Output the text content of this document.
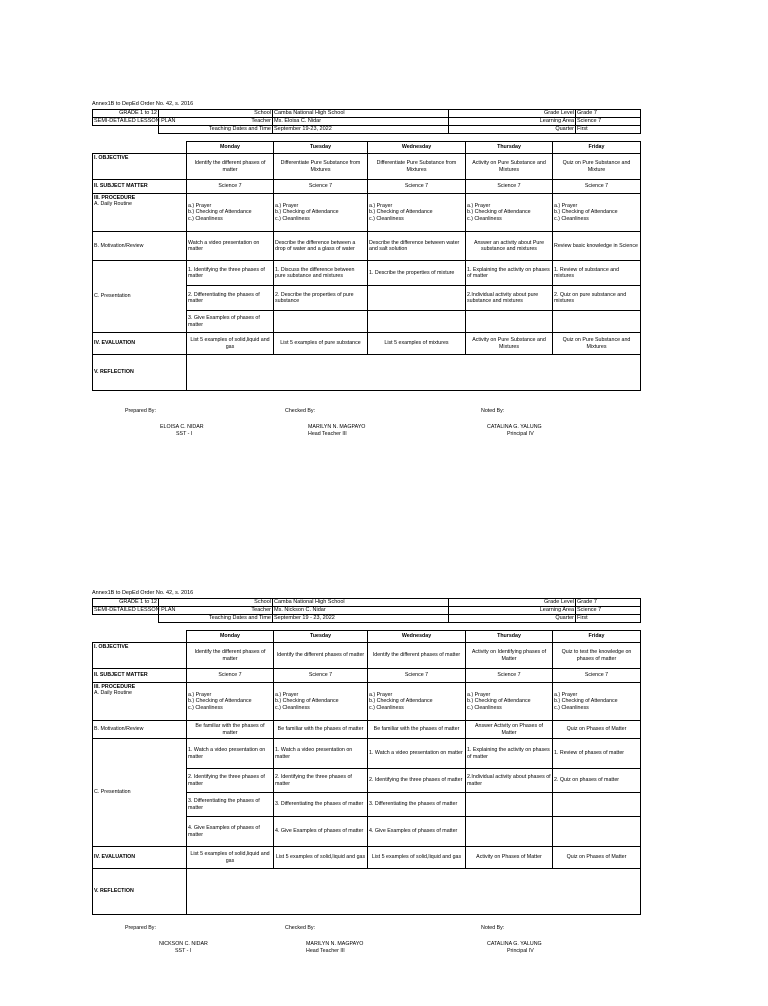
Annex1B to DepEd Order No. 42, s. 2016
GRADE 1 to 12	School	Camba National High School	Grade Level	Grade 7
SEMI-DETAILED LESSON PLAN	Teacher	Ms. Eloisa C. Nidar	Learning Area	Science 7
	Teaching Dates and Time	September 19-23, 2022	Quarter	First
	Monday	Tuesday	Wednesday	Thursday	Friday
I. OBJECTIVE	Identify the different phases of matter	Differentiate Pure Substance from Mixtures	Differentiate Pure Substance from Mixtures	Activity on Pure Substance and Mixtures	Quiz on Pure Substance and Mixture
II. SUBJECT MATTER	Science 7	Science 7	Science 7	Science 7	Science 7

III. PROCEDURE
A. Daily Routine	a.) Prayer
b.) Checking of Attendance
c.) Cleanliness	a.) Prayer
b.) Checking of Attendance
c.) Cleanliness	a.) Prayer
b.) Checking of Attendance
c.) Cleanliness	a.) Prayer
b.) Checking of Attendance
c.) Cleanliness	a.) Prayer
b.) Checking of Attendance
c.) Cleanliness

B. Motivation/Review	Watch a video presentation on matter	Describe the difference between a drop of water and a glass of water	Describe the difference between water and salt solution	Answer an activity about Pure substance and mixtures	Review basic knowledge in Science
C. Presentation	1. Identifying the three phases of matter	1. Discuss the difference between pure substance and mixtures	1. Describe the properties of mixture	1. Explaining the activity on phases of matter	1. Review of substance and mixtures
	2. Differentiating the phases of matter	2. Describe the properties of pure substance		2.Individual activity about pure substance and mixtures	2. Quiz on pure substance and mixtures
	3. Give Examples of phases of matter				
IV. EVALUATION	List 5 examples of solid,liquid and gas	List 5 examples of pure substance	List 5 examples of mixtures	Activity on Pure Substance and Mixtures	Quiz on Pure Substance and Mixtures
V. REFLECTION					
Prepared By:	Checked By:	Noted By:
ELOISA C. NIDAR
SST - I
MARILYN N. MAGPAYO
Head Teacher III
CATALINA G. YALUNG
Principal IV
Annex1B to DepEd Order No. 42, s. 2016
GRADE 1 to 12	School	Camba National High School	Grade Level	Grade 7
SEMI-DETAILED LESSON PLAN	Teacher	Ms. Nickson C. Nidar	Learning Area	Science 7
	Teaching Dates and Time	September 19 - 23, 2022	Quarter	First
	Monday	Tuesday	Wednesday	Thursday	Friday
I. OBJECTIVE	Identify the different phases of matter	Identify the different phases of matter	Identify the different phases of matter	Activity on Identifying phases of Matter	Quiz to test the knowledge on phases of matter
II. SUBJECT MATTER	Science 7	Science 7	Science 7	Science 7	Science 7

III. PROCEDURE
A. Daily Routine	a.) Prayer
b.) Checking of Attendance
c.) Cleanliness	a.) Prayer
b.) Checking of Attendance
c.) Cleanliness	a.) Prayer
b.) Checking of Attendance
c.) Cleanliness	a.) Prayer
b.) Checking of Attendance
c.) Cleanliness	a.) Prayer
b.) Checking of Attendance
c.) Cleanliness

B. Motivation/Review	Be familiar with the phases of matter	Be familiar with the phases of matter	Be familiar with the phases of matter	Answer Activity on Phases of Matter	Quiz on Phases of Matter
C. Presentation	1. Watch a video presentation on matter	1. Watch a video presentation on matter	1. Watch a video presentation on matter	1. Explaining the activity on phases of matter	1. Review of phases of matter
	2. Identifying the three phases of matter	2. Identifying the three phases of matter	2. Identifying the three phases of matter	2.Individual activity about phases of matter	2. Quiz on phases of matter
	3. Differentiating the phases of matter	3. Differentiating the phases of matter	3. Differentiating the phases of matter		
	4. Give Examples of phases of matter	4. Give Examples of phases of matter	4. Give Examples of phases of matter		
IV. EVALUATION	List 5 examples of solid,liquid and gas	List 5 examples of solid,liquid and gas	List 5 examples of solid,liquid and gas	Activity on Phases of Matter	Quiz on Phases of Matter
V. REFLECTION					
Prepared By:	Checked By:	Noted By:
NICKSON C. NIDAR
SST - I
MARILYN N. MAGPAYO
Head Teacher III
CATALINA G. YALUNG
Principal IV
